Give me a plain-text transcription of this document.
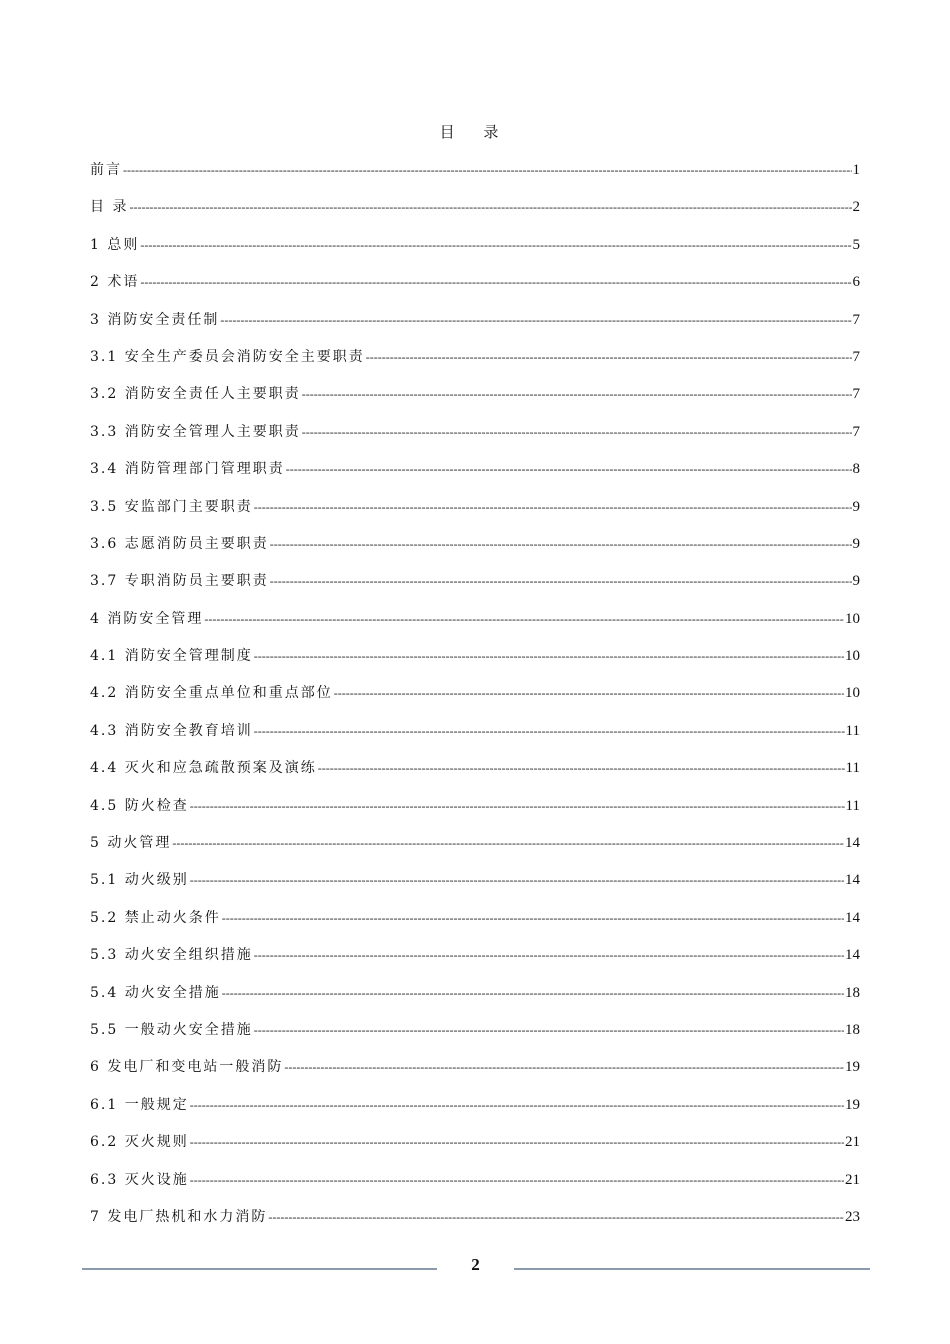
目 录
前言 -----	1
目 录 -----	2
1 总则 -----	5
2 术语 -----	6
3 消防安全责任制 -----	7
3.1 安全生产委员会消防安全主要职责 -----	7
3.2 消防安全责任人主要职责 -----	7
3.3 消防安全管理人主要职责 -----	7
3.4 消防管理部门管理职责 -----	8
3.5 安监部门主要职责 -----	9
3.6 志愿消防员主要职责 -----	9
3.7 专职消防员主要职责 -----	9
4 消防安全管理 -----	10
4.1 消防安全管理制度 -----	10
4.2 消防安全重点单位和重点部位 -----	10
4.3 消防安全教育培训 -----	11
4.4 灭火和应急疏散预案及演练 -----	11
4.5 防火检查 -----	11
5 动火管理 -----	14
5.1 动火级别 -----	14
5.2 禁止动火条件 -----	14
5.3 动火安全组织措施 -----	14
5.4 动火安全措施 -----	18
5.5 一般动火安全措施 -----	18
6 发电厂和变电站一般消防 -----	19
6.1 一般规定 -----	19
6.2 灭火规则 -----	21
6.3 灭火设施 -----	21
7 发电厂热机和水力消防 -----	23
2
